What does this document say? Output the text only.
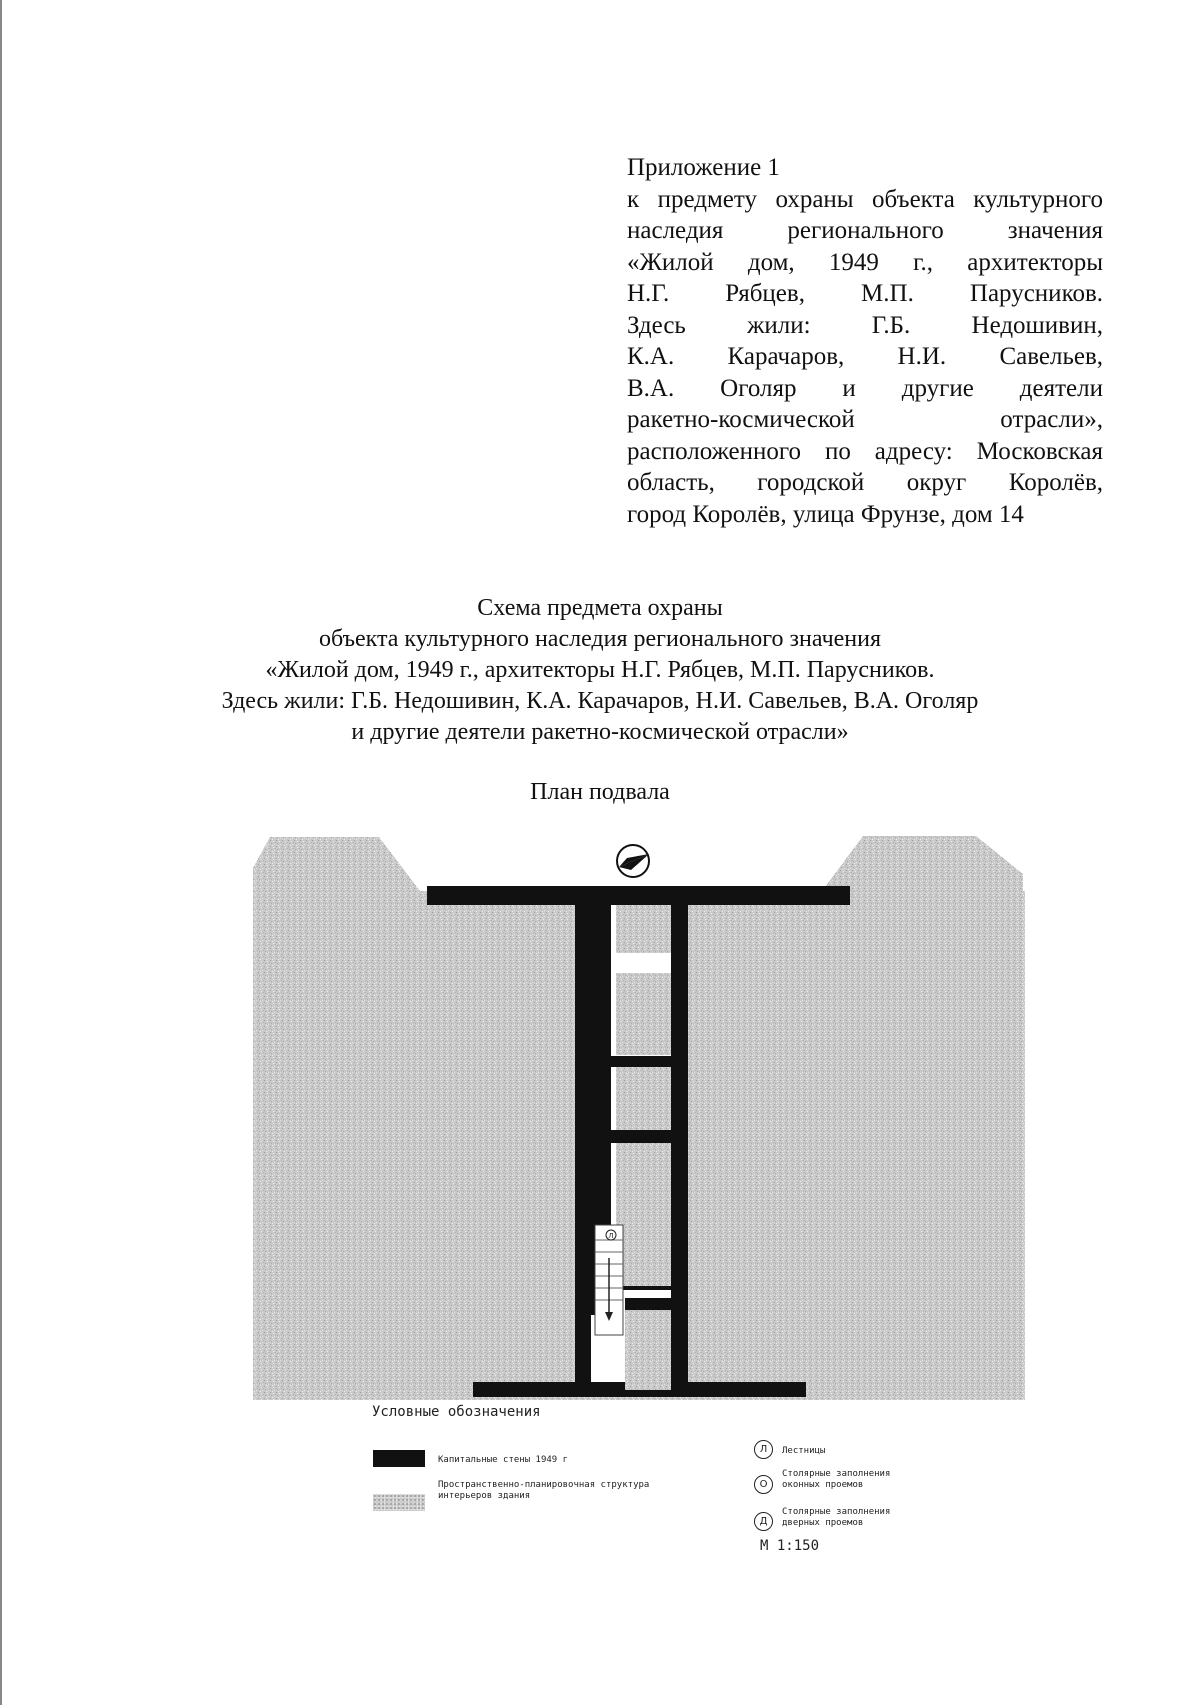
Приложение 1
к предмету охраны объекта культурного
наследия регионального значения
«Жилой дом, 1949 г., архитекторы
Н.Г. Рябцев, М.П. Парусников.
Здесь жили: Г.Б. Недошивин,
К.А. Карачаров, Н.И. Савельев,
В.А. Оголяр и другие деятели
ракетно-космической отрасли»,
расположенного по адресу: Московская
область, городской округ Королёв,
город Королёв, улица Фрунзе, дом 14
Схема предмета охраны
объекта культурного наследия регионального значения
«Жилой дом, 1949 г., архитекторы Н.Г. Рябцев, М.П. Парусников.
Здесь жили: Г.Б. Недошивин, К.А. Карачаров, Н.И. Савельев, В.А. Оголяр
и другие деятели ракетно-космической отрасли»
План подвала
Л
Условные обозначения
Капитальные стены 1949 г
Пространственно-планировочная структура
интерьеров здания
Л	Лестницы
О
Столярные заполнения
оконных проемов
Д
Столярные заполнения
дверных проемов
М 1:150
